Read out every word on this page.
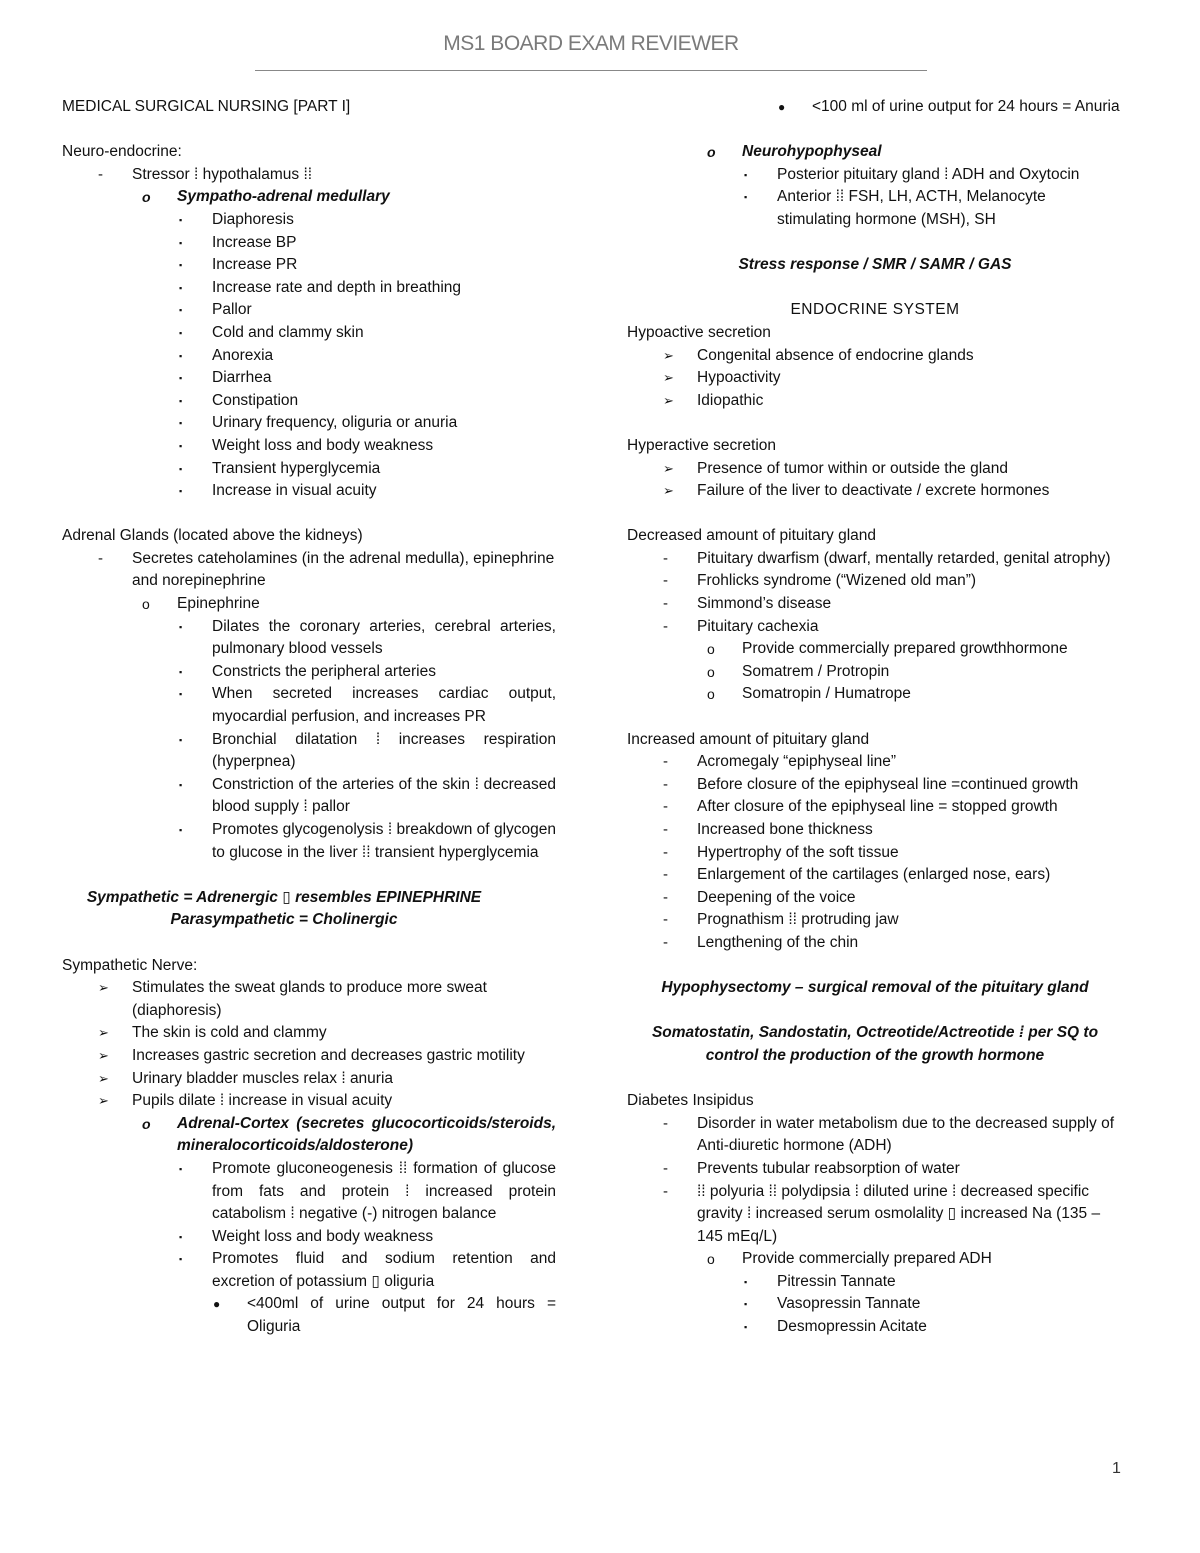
MS1 BOARD EXAM REVIEWER
MEDICAL SURGICAL NURSING [PART I]
Neuro-endocrine:
- Stressor ⁞ hypothalamus ⁞⁞
o Sympatho-adrenal medullary
▪ Diaphoresis
▪ Increase BP
▪ Increase PR
▪ Increase rate and depth in breathing
▪ Pallor
▪ Cold and clammy skin
▪ Anorexia
▪ Diarrhea
▪ Constipation
▪ Urinary frequency, oliguria or anuria
▪ Weight loss and body weakness
▪ Transient hyperglycemia
▪ Increase in visual acuity
Adrenal Glands (located above the kidneys)
- Secretes cateholamines (in the adrenal medulla), epinephrine and norepinephrine
o Epinephrine
▪ Dilates the coronary arteries, cerebral arteries, pulmonary blood vessels
▪ Constricts the peripheral arteries
▪ When secreted increases cardiac output, myocardial perfusion, and increases PR
▪ Bronchial dilatation ⁞ increases respiration (hyperpnea)
▪ Constriction of the arteries of the skin ⁞ decreased blood supply ⁞ pallor
▪ Promotes glycogenolysis ⁞ breakdown of glycogen to glucose in the liver ⁞⁞ transient hyperglycemia
Sympathetic = Adrenergic ▯ resembles EPINEPHRINE
Parasympathetic = Cholinergic
Sympathetic Nerve:
➢ Stimulates the sweat glands to produce more sweat (diaphoresis)
➢ The skin is cold and clammy
➢ Increases gastric secretion and decreases gastric motility
➢ Urinary bladder muscles relax ⁞ anuria
➢ Pupils dilate ⁞ increase in visual acuity
o Adrenal-Cortex (secretes glucocorticoids/steroids, mineralocorticoids/aldosterone)
▪ Promote gluconeogenesis ⁞⁞ formation of glucose from fats and protein ⁞ increased protein catabolism ⁞ negative (-) nitrogen balance
▪ Weight loss and body weakness
▪ Promotes fluid and sodium retention and excretion of potassium ▯ oliguria
● <400ml of urine output for 24 hours = Oliguria
● <100 ml of urine output for 24 hours = Anuria
o Neurohypophyseal
▪ Posterior pituitary gland ⁞ ADH and Oxytocin
▪ Anterior ⁞⁞ FSH, LH, ACTH, Melanocyte stimulating hormone (MSH), SH
Stress response / SMR / SAMR / GAS
ENDOCRINE SYSTEM
Hypoactive secretion
➢ Congenital absence of endocrine glands
➢ Hypoactivity
➢ Idiopathic
Hyperactive secretion
➢ Presence of tumor within or outside the gland
➢ Failure of the liver to deactivate / excrete hormones
Decreased amount of pituitary gland
- Pituitary dwarfism (dwarf, mentally retarded, genital atrophy)
- Frohlicks syndrome (“Wizened old man”)
- Simmond’s disease
- Pituitary cachexia
o Provide commercially prepared growthhormone
o Somatrem / Protropin
o Somatropin / Humatrope
Increased amount of pituitary gland
- Acromegaly “epiphyseal line”
- Before closure of the epiphyseal line =continued growth
- After closure of the epiphyseal line = stopped growth
- Increased bone thickness
- Hypertrophy of the soft tissue
- Enlargement of the cartilages (enlarged nose, ears)
- Deepening of the voice
- Prognathism ⁞⁞ protruding jaw
- Lengthening of the chin
Hypophysectomy – surgical removal of the pituitary gland
Somatostatin, Sandostatin, Octreotide/Actreotide ⁞ per SQ to control the production of the growth hormone
Diabetes Insipidus
- Disorder in water metabolism due to the decreased supply of Anti-diuretic hormone (ADH)
- Prevents tubular reabsorption of water
- ⁞⁞ polyuria ⁞⁞ polydipsia ⁞ diluted urine ⁞ decreased specific gravity ⁞ increased serum osmolality ▯ increased Na (135 – 145 mEq/L)
o Provide commercially prepared ADH
▪ Pitressin Tannate
▪ Vasopressin Tannate
▪ Desmopressin Acitate
1
